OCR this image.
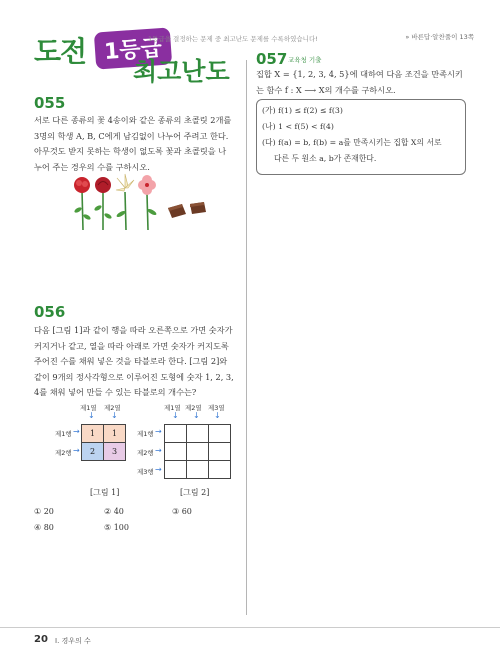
도전 1등급
최고난도
1등급을 결정하는 문제 중 최고난도 문제를 수록하였습니다!	» 바른답·알찬풀이 13쪽
055
서로 다른 종류의 꽃 4송이와 같은 종류의 초콜릿 2개를
3명의 학생 A, B, C에게 남김없이 나누어 주려고 한다.
아무것도 받지 못하는 학생이 없도록 꽃과 초콜릿을 나
누어 주는 경우의 수를 구하시오.
056
다음 [그림 1]과 같이 행을 따라 오른쪽으로 가면 숫자가
커지거나 같고, 열을 따라 아래로 가면 숫자가 커지도록
주어진 수를 채워 넣은 것을 타블로라 한다. [그림 2]와
같이 9개의 정사각형으로 이루어진 도형에 숫자 1, 2, 3,
4를 채워 넣어 만들 수 있는 타블로의 개수는?
제1열 제2열
↓ ↓
제1행
제2행
→
→
1	1
2	3
[그림 1]
제1열 제2열 제3열
↓ ↓ ↓
제1행
제2행
제3행
→
→
→

[그림 2]
① 20	② 40	③ 60
④ 80	⑤ 100
057 교육청 기출
집합 X = {1, 2, 3, 4, 5}에 대하여 다음 조건을 만족시키
는 함수 f : X ⟶ X의 개수를 구하시오.
(가) f(1) ≤ f(2) ≤ f(3)
(나) 1 < f(5) < f(4)
(다) f(a) = b, f(b) = a를 만족시키는 집합 X의 서로
다른 두 원소 a, b가 존재한다.
20 I. 경우의 수
